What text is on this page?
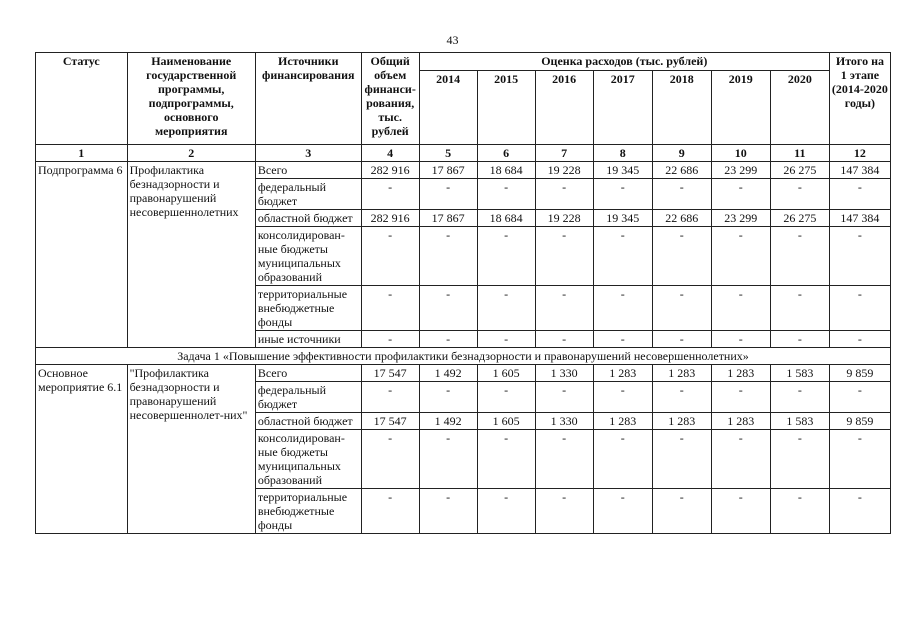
43
Статус	Наименование государственной программы, подпрограммы, основного мероприятия	Источники финансирования	Общий объем финанси-рования, тыс. рублей	Оценка расходов (тыс. рублей)							Итого на 1 этапе (2014-2020 годы)
				2014	2015	2016	2017	2018	2019	2020	
1	2	3	4	5	6	7	8	9	10	11	12
Подпрограмма 6	Профилактика безнадзорности и правонарушений несовершеннолетних	Всего	282 916	17 867	18 684	19 228	19 345	22 686	23 299	26 275	147 384
		федеральный бюджет	-	-	-	-	-	-	-	-	-
		областной бюджет	282 916	17 867	18 684	19 228	19 345	22 686	23 299	26 275	147 384
		консолидирован-ные бюджеты муниципальных образований	-	-	-	-	-	-	-	-	-
		территориальные внебюджетные фонды	-	-	-	-	-	-	-	-	-
		иные источники	-	-	-	-	-	-	-	-	-
Задача 1 «Повышение эффективности профилактики безнадзорности и правонарушений несовершеннолетних»											
Основное мероприятие 6.1	"Профилактика безнадзорности и правонарушений несовершеннолет-них"	Всего	17 547	1 492	1 605	1 330	1 283	1 283	1 283	1 583	9 859
		федеральный бюджет	-	-	-	-	-	-	-	-	-
		областной бюджет	17 547	1 492	1 605	1 330	1 283	1 283	1 283	1 583	9 859
		консолидирован-ные бюджеты муниципальных образований	-	-	-	-	-	-	-	-	-
		территориальные внебюджетные фонды	-	-	-	-	-	-	-	-	-
